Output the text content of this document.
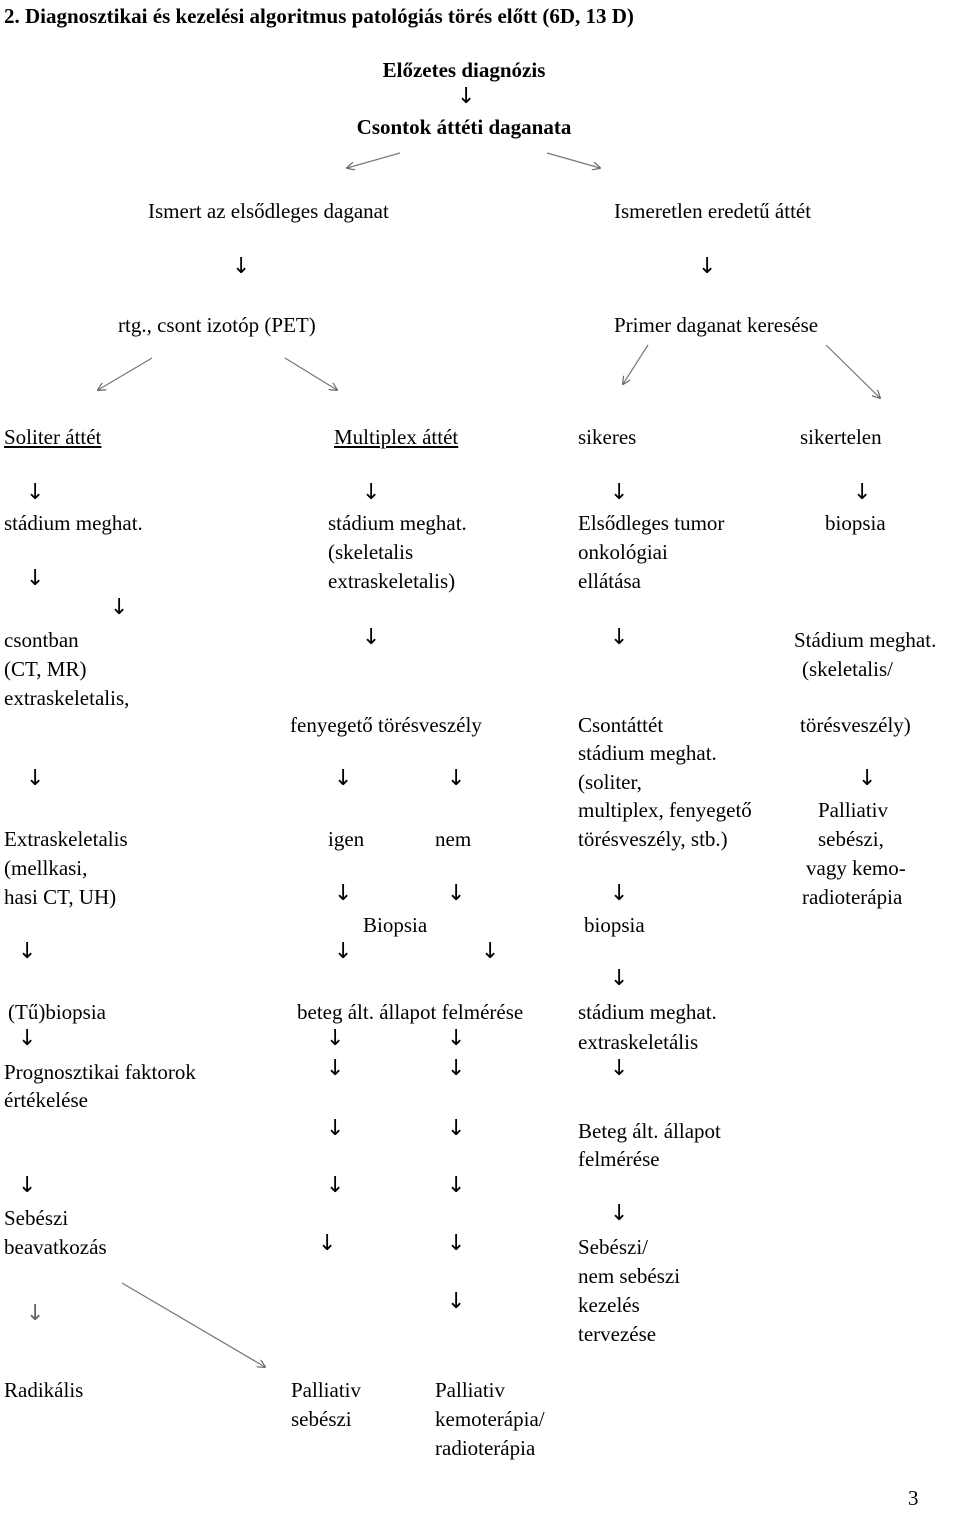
2. Diagnosztikai és kezelési algoritmus patológiás törés előtt (6D, 13 D)
Előzetes diagnózis
↓
Csontok áttéti daganata
Ismert az elsődleges daganat	Ismeretlen eredetű áttét
↓	↓
rtg., csont izotóp (PET)	Primer daganat keresése
Soliter áttét	Multiplex áttét	sikeres	sikertelen
↓	↓	↓	↓
stádium meghat.
↓
↓
csontban
(CT, MR)
extraskeletalis,
↓
Extraskeletalis
(mellkasi,
hasi CT, UH)
↓
(Tű)biopsia
↓
Prognosztikai faktorok
értékelése
↓
Sebészi
beavatkozás
↓
Radikális
stádium meghat.
(skeletalis
extraskeletalis)
↓
fenyegető törésveszély
↓	↓
igen	nem
↓	↓
Biopsia
↓	↓
beteg ált. állapot felmérése
↓	↓
↓	↓
↓	↓
↓	↓
↓	↓
↓
Palliativ
sebészi
Palliativ
kemoterápia/
radioterápia
Elsődleges tumor
onkológiai
ellátása
↓
Csontáttét
stádium meghat.
(soliter,
multiplex, fenyegető
törésveszély, stb.)
↓
biopsia
↓
stádium meghat.
extraskeletális
↓
Beteg ált. állapot
felmérése
↓
Sebészi/
nem sebészi
kezelés
tervezése
biopsia
Stádium meghat.
(skeletalis/
törésveszély)
↓
Palliativ
sebészi,
vagy kemo-
radioterápia
3
